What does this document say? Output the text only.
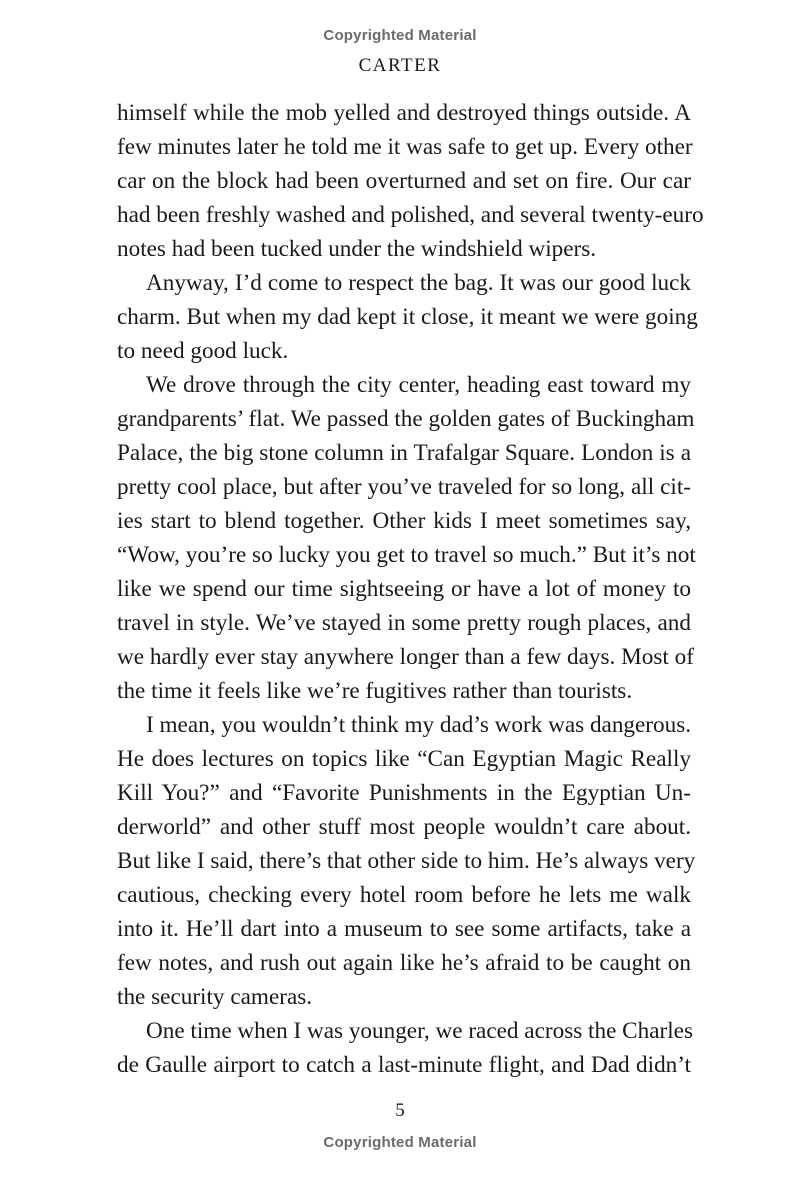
Copyrighted Material
CARTER
himself while the mob yelled and destroyed things outside. A
few minutes later he told me it was safe to get up. Every other
car on the block had been overturned and set on fire. Our car
had been freshly washed and polished, and several twenty-euro
notes had been tucked under the windshield wipers.
Anyway, I’d come to respect the bag. It was our good luck
charm. But when my dad kept it close, it meant we were going
to need good luck.
We drove through the city center, heading east toward my
grandparents’ flat. We passed the golden gates of Buckingham
Palace, the big stone column in Trafalgar Square. London is a
pretty cool place, but after you’ve traveled for so long, all cit-
ies start to blend together. Other kids I meet sometimes say,
“Wow, you’re so lucky you get to travel so much.” But it’s not
like we spend our time sightseeing or have a lot of money to
travel in style. We’ve stayed in some pretty rough places, and
we hardly ever stay anywhere longer than a few days. Most of
the time it feels like we’re fugitives rather than tourists.
I mean, you wouldn’t think my dad’s work was dangerous.
He does lectures on topics like “Can Egyptian Magic Really
Kill You?” and “Favorite Punishments in the Egyptian Un-
derworld” and other stuff most people wouldn’t care about.
But like I said, there’s that other side to him. He’s always very
cautious, checking every hotel room before he lets me walk
into it. He’ll dart into a museum to see some artifacts, take a
few notes, and rush out again like he’s afraid to be caught on
the security cameras.
One time when I was younger, we raced across the Charles
de Gaulle airport to catch a last-minute flight, and Dad didn’t
5
Copyrighted Material
